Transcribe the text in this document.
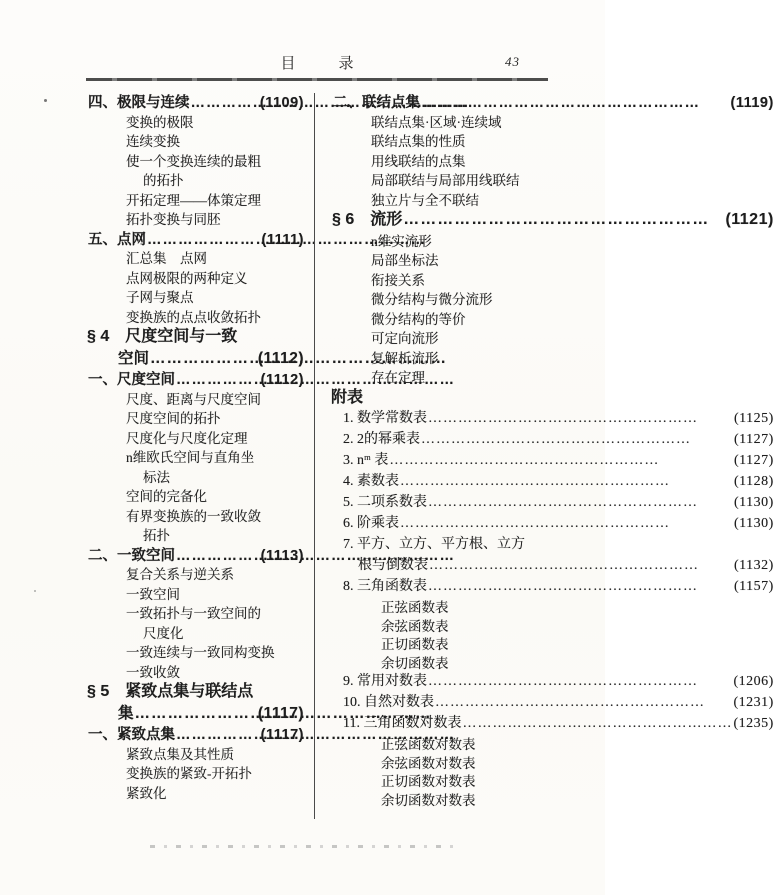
目　录	43
四、极限与连续 ………………………………………………	(1109)
变换的极限
连续变换
使一个变换连续的最粗
的拓扑
开拓定理——体策定理
拓扑变换与同胚
五、点网 ………………………………………………	(1111)
汇总集　点网
点网极限的两种定义
子网与聚点
变换族的点点收敛拓扑
§ 4　尺度空间与一致
空间 ………………………………………………	(1112)
一、尺度空间 ………………………………………………	(1112)
尺度、距离与尺度空间
尺度空间的拓扑
尺度化与尺度化定理
n维欧氏空间与直角坐
标法
空间的完备化
有界变换族的一致收敛
拓扑
二、一致空间 ………………………………………………	(1113)
复合关系与逆关系
一致空间
一致拓扑与一致空间的
尺度化
一致连续与一致同构变换
一致收敛
§ 5　紧致点集与联结点
集 ………………………………………………	(1117)
一、紧致点集 ………………………………………………	(1117)
紧致点集及其性质
变换族的紧致-开拓扑
紧致化
二、联结点集 ………………………………………………	(1119)
联结点集·区域·连续域
联结点集的性质
用线联结的点集
局部联结与局部用线联结
独立片与全不联结
§ 6　流形 ………………………………………………	(1121)
n维实流形
局部坐标法
衔接关系
微分结构与微分流形
微分结构的等价
可定向流形
复解析流形
存在定理
附表
1. 数学常数表 ………………………………………………	(1125)
2. 2的幂乘表 ………………………………………………	(1127)
3. nᵐ 表 ………………………………………………	(1127)
4. 素数表 ………………………………………………	(1128)
5. 二项系数表 ………………………………………………	(1130)
6. 阶乘表 ………………………………………………	(1130)
7. 平方、立方、平方根、立方
根与倒数表 ………………………………………………	(1132)
8. 三角函数表 ………………………………………………	(1157)
正弦函数表
余弦函数表
正切函数表
余切函数表
9. 常用对数表 ………………………………………………	(1206)
10. 自然对数表 ………………………………………………	(1231)
11. 三角函数对数表 ………………………………………………	(1235)
正弦函数对数表
余弦函数对数表
正切函数对数表
余切函数对数表
